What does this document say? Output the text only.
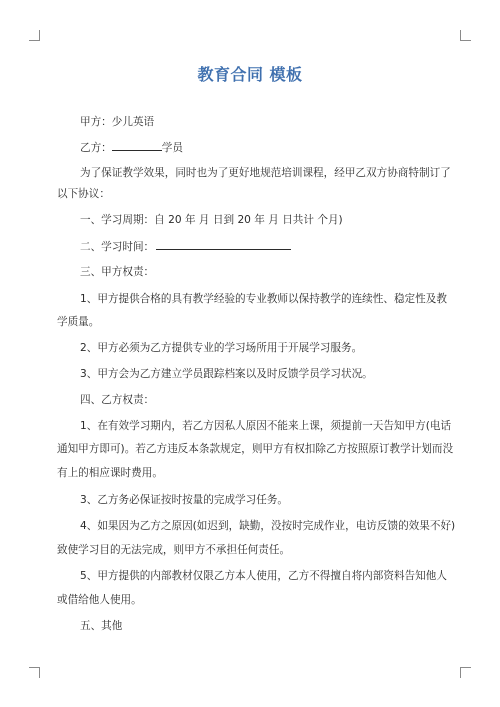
教育合同 模板
甲方：少儿英语
乙方：	学员
为了保证教学效果，同时也为了更好地规范培训课程，经甲乙双方协商特制订了
以下协议：
一、学习周期：自 20 年 月 日到 20 年 月 日共计 个月)
二、学习时间：
三、甲方权责：
1、甲方提供合格的具有教学经验的专业教师以保持教学的连续性、稳定性及教
学质量。
2、甲方必须为乙方提供专业的学习场所用于开展学习服务。
3、甲方会为乙方建立学员跟踪档案以及时反馈学员学习状况。
四、乙方权责：
1、在有效学习期内，若乙方因私人原因不能来上课，须提前一天告知甲方(电话
通知甲方即可)。若乙方违反本条款规定，则甲方有权扣除乙方按照原订教学计划而没
有上的相应课时费用。
3、乙方务必保证按时按量的完成学习任务。
4、如果因为乙方之原因(如迟到，缺勤，没按时完成作业，电访反馈的效果不好)
致使学习目的无法完成，则甲方不承担任何责任。
5、甲方提供的内部教材仅限乙方本人使用，乙方不得擅自将内部资料告知他人
或借给他人使用。
五、其他
